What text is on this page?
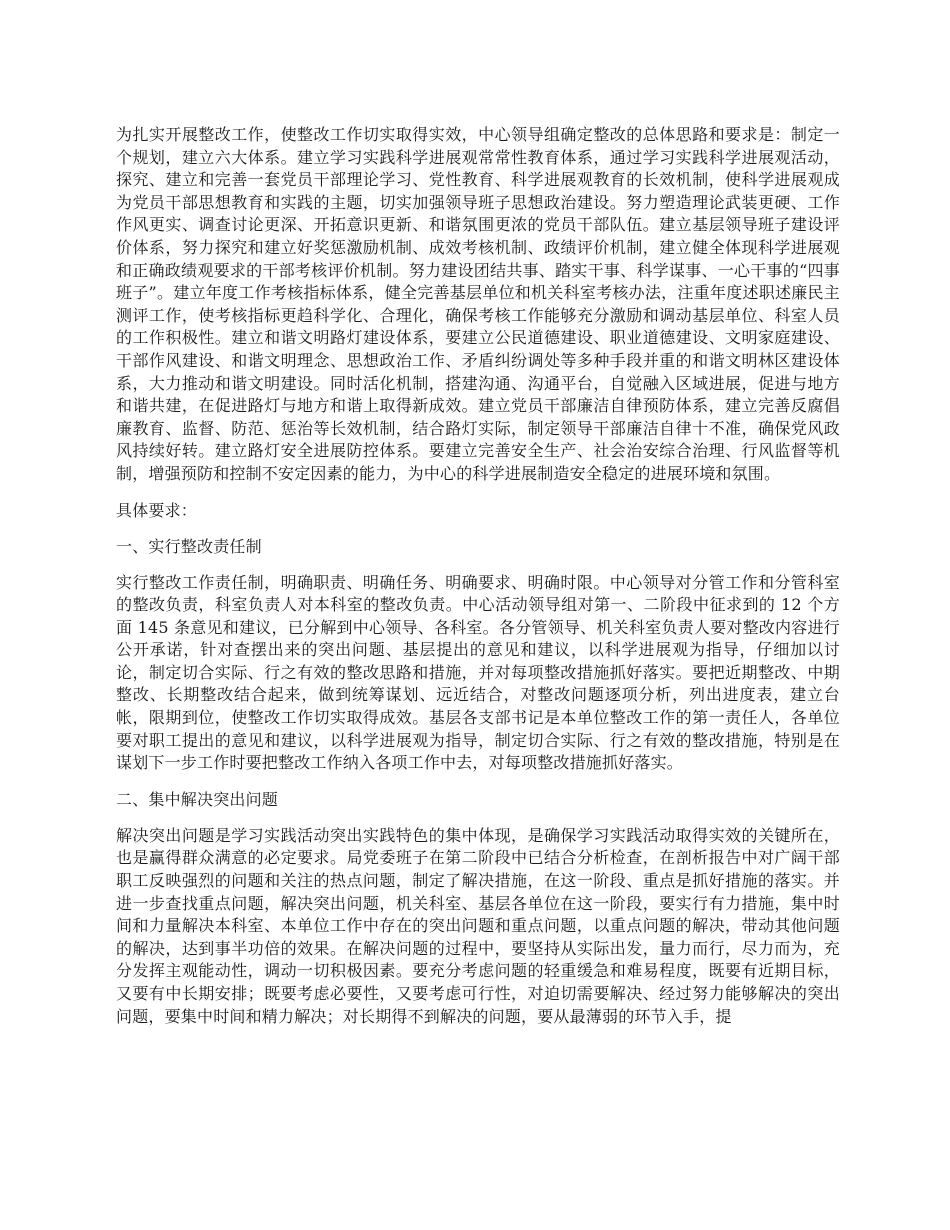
为扎实开展整改工作，使整改工作切实取得实效，中心领导组确定整改的总体思路和要求是：制定一个规划，建立六大体系。建立学习实践科学进展观常常性教育体系，通过学习实践科学进展观活动，探究、建立和完善一套党员干部理论学习、党性教育、科学进展观教育的长效机制，使科学进展观成为党员干部思想教育和实践的主题，切实加强领导班子思想政治建设。努力塑造理论武装更硬、工作作风更实、调查讨论更深、开拓意识更新、和谐氛围更浓的党员干部队伍。建立基层领导班子建设评价体系，努力探究和建立好奖惩激励机制、成效考核机制、政绩评价机制，建立健全体现科学进展观和正确政绩观要求的干部考核评价机制。努力建设团结共事、踏实干事、科学谋事、一心干事的“四事班子”。建立年度工作考核指标体系，健全完善基层单位和机关科室考核办法，注重年度述职述廉民主测评工作，使考核指标更趋科学化、合理化，确保考核工作能够充分激励和调动基层单位、科室人员的工作积极性。建立和谐文明路灯建设体系，要建立公民道德建设、职业道德建设、文明家庭建设、干部作风建设、和谐文明理念、思想政治工作、矛盾纠纷调处等多种手段并重的和谐文明林区建设体系，大力推动和谐文明建设。同时活化机制，搭建沟通、沟通平台，自觉融入区域进展，促进与地方和谐共建，在促进路灯与地方和谐上取得新成效。建立党员干部廉洁自律预防体系，建立完善反腐倡廉教育、监督、防范、惩治等长效机制，结合路灯实际，制定领导干部廉洁自律十不准，确保党风政风持续好转。建立路灯安全进展防控体系。要建立完善安全生产、社会治安综合治理、行风监督等机制，增强预防和控制不安定因素的能力，为中心的科学进展制造安全稳定的进展环境和氛围。

具体要求：

一、实行整改责任制

实行整改工作责任制，明确职责、明确任务、明确要求、明确时限。中心领导对分管工作和分管科室的整改负责，科室负责人对本科室的整改负责。中心活动领导组对第一、二阶段中征求到的 12 个方面 145 条意见和建议，已分解到中心领导、各科室。各分管领导、机关科室负责人要对整改内容进行公开承诺，针对查摆出来的突出问题、基层提出的意见和建议，以科学进展观为指导，仔细加以讨论，制定切合实际、行之有效的整改思路和措施，并对每项整改措施抓好落实。要把近期整改、中期整改、长期整改结合起来，做到统筹谋划、远近结合，对整改问题逐项分析，列出进度表，建立台帐，限期到位，使整改工作切实取得成效。基层各支部书记是本单位整改工作的第一责任人，各单位要对职工提出的意见和建议，以科学进展观为指导，制定切合实际、行之有效的整改措施，特别是在谋划下一步工作时要把整改工作纳入各项工作中去，对每项整改措施抓好落实。

二、集中解决突出问题

解决突出问题是学习实践活动突出实践特色的集中体现，是确保学习实践活动取得实效的关键所在，也是赢得群众满意的必定要求。局党委班子在第二阶段中已结合分析检查，在剖析报告中对广阔干部职工反映强烈的问题和关注的热点问题，制定了解决措施，在这一阶段、重点是抓好措施的落实。并进一步查找重点问题，解决突出问题，机关科室、基层各单位在这一阶段，要实行有力措施，集中时间和力量解决本科室、本单位工作中存在的突出问题和重点问题，以重点问题的解决，带动其他问题的解决，达到事半功倍的效果。在解决问题的过程中，要坚持从实际出发，量力而行，尽力而为，充分发挥主观能动性，调动一切积极因素。要充分考虑问题的轻重缓急和难易程度，既要有近期目标，又要有中长期安排；既要考虑必要性，又要考虑可行性，对迫切需要解决、经过努力能够解决的突出问题，要集中时间和精力解决；对长期得不到解决的问题，要从最薄弱的环节入手，提
